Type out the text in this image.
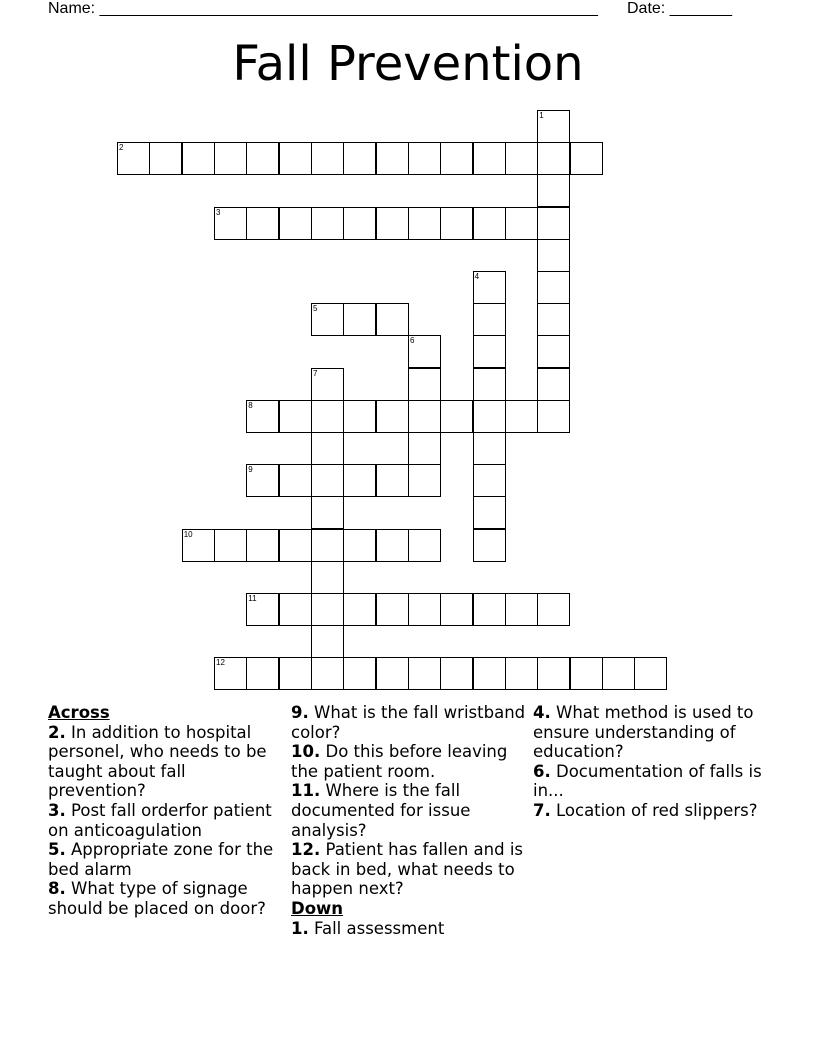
Name: ________________________________________________________ Date: _______
Fall Prevention
1
2
3
4
5
6
7
8
9
10
11
12
Across
2. In addition to hospital personel, who needs to be taught about fall prevention?
3. Post fall orderfor patient on anticoagulation
5. Appropriate zone for the bed alarm
8. What type of signage should be placed on door?
9. What is the fall wristband color?
10. Do this before leaving the patient room.
11. Where is the fall documented for issue analysis?
12. Patient has fallen and is back in bed, what needs to happen next?
Down
1. Fall assessment
4. What method is used to ensure understanding of education?
6. Documentation of falls is in...
7. Location of red slippers?
